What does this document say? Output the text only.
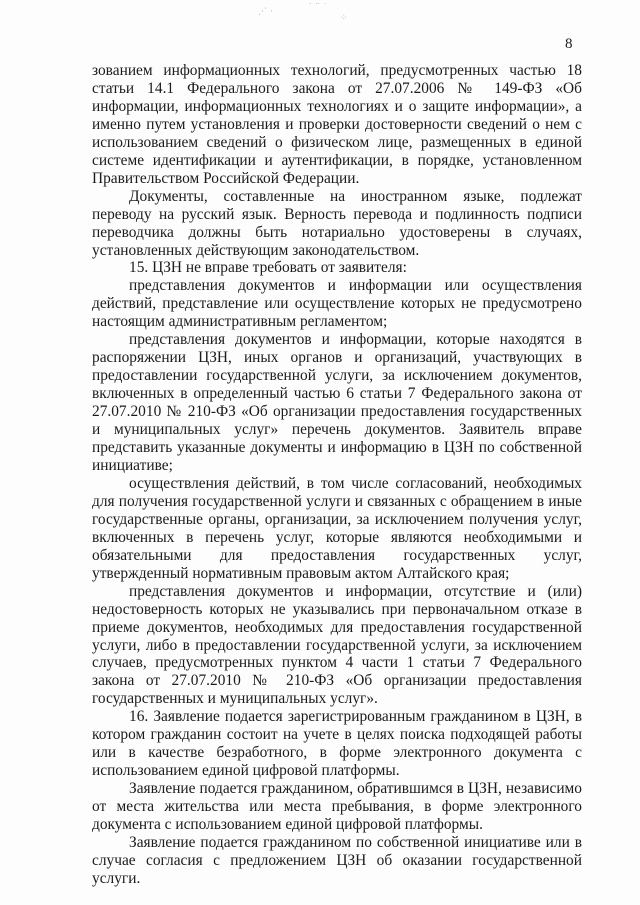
⋰ ·	˙ ¨ ˙
⁘
8

зованием информационных технологий, предусмотренных частью 18 статьи 14.1 Федерального закона от 27.07.2006 № 149-ФЗ «Об информации, информационных технологиях и о защите информации», а именно путем установления и проверки достоверности сведений о нем с использованием сведений о физическом лице, размещенных в единой системе идентификации и аутентификации, в порядке, установленном Правительством Российской Федерации.

Документы, составленные на иностранном языке, подлежат переводу на русский язык. Верность перевода и подлинность подписи переводчика должны быть нотариально удостоверены в случаях, установленных действующим законодательством.

15. ЦЗН не вправе требовать от заявителя:

представления документов и информации или осуществления действий, представление или осуществление которых не предусмотрено настоящим административным регламентом;

представления документов и информации, которые находятся в распоряжении ЦЗН, иных органов и организаций, участвующих в предоставлении государственной услуги, за исключением документов, включенных в определенный частью 6 статьи 7 Федерального закона от 27.07.2010 № 210-ФЗ «Об организации предоставления государственных и муниципальных услуг» перечень документов. Заявитель вправе представить указанные документы и информацию в ЦЗН по собственной инициативе;

осуществления действий, в том числе согласований, необходимых для получения государственной услуги и связанных с обращением в иные государственные органы, организации, за исключением получения услуг, включенных в перечень услуг, которые являются необходимыми и обязательными для предоставления государственных услуг, утвержденный нормативным правовым актом Алтайского края;

представления документов и информации, отсутствие и (или) недостоверность которых не указывались при первоначальном отказе в приеме документов, необходимых для предоставления государственной услуги, либо в предоставлении государственной услуги, за исключением случаев, предусмотренных пунктом 4 части 1 статьи 7 Федерального закона от 27.07.2010 № 210-ФЗ «Об организации предоставления государственных и муниципальных услуг».

16. Заявление подается зарегистрированным гражданином в ЦЗН, в котором гражданин состоит на учете в целях поиска подходящей работы или в качестве безработного, в форме электронного документа с использованием единой цифровой платформы.

Заявление подается гражданином, обратившимся в ЦЗН, независимо от места жительства или места пребывания, в форме электронного документа с использованием единой цифровой платформы.

Заявление подается гражданином по собственной инициативе или в случае согласия с предложением ЦЗН об оказании государственной услуги.
